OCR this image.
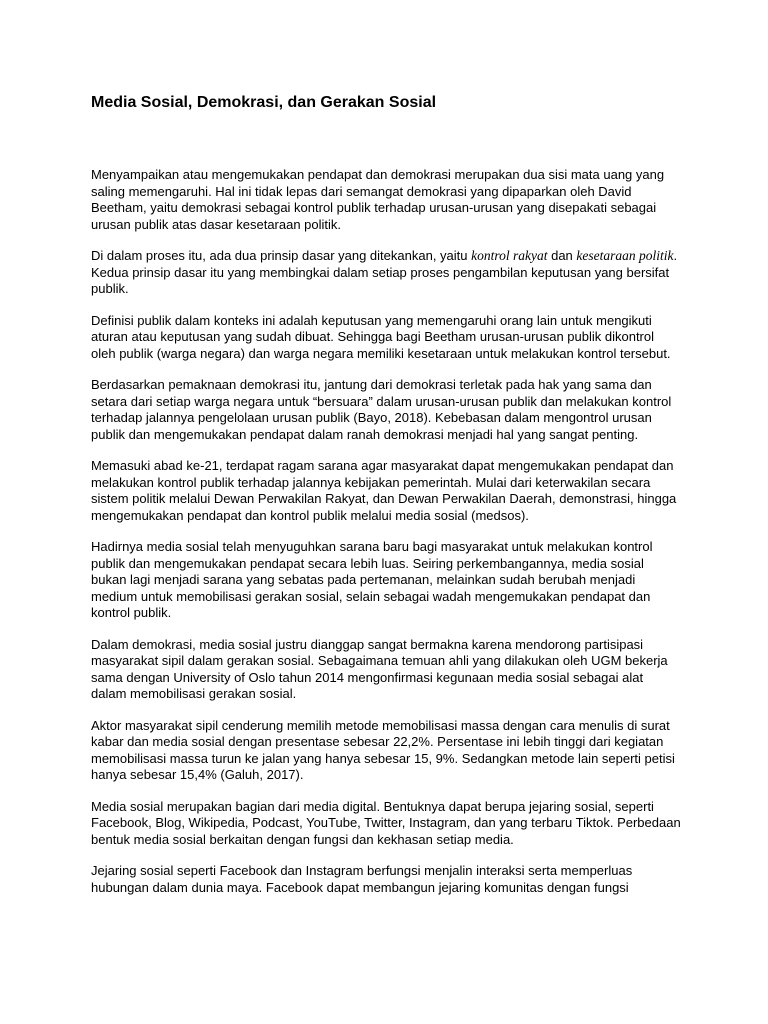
Media Sosial, Demokrasi, dan Gerakan Sosial

Menyampaikan atau mengemukakan pendapat dan demokrasi merupakan dua sisi mata uang yang saling memengaruhi. Hal ini tidak lepas dari semangat demokrasi yang dipaparkan oleh David Beetham, yaitu demokrasi sebagai kontrol publik terhadap urusan-urusan yang disepakati sebagai urusan publik atas dasar kesetaraan politik.

Di dalam proses itu, ada dua prinsip dasar yang ditekankan, yaitu kontrol rakyat dan kesetaraan politik. Kedua prinsip dasar itu yang membingkai dalam setiap proses pengambilan keputusan yang bersifat publik.

Definisi publik dalam konteks ini adalah keputusan yang memengaruhi orang lain untuk mengikuti aturan atau keputusan yang sudah dibuat. Sehingga bagi Beetham urusan-urusan publik dikontrol oleh publik (warga negara) dan warga negara memiliki kesetaraan untuk melakukan kontrol tersebut.

Berdasarkan pemaknaan demokrasi itu, jantung dari demokrasi terletak pada hak yang sama dan setara dari setiap warga negara untuk “bersuara” dalam urusan-urusan publik dan melakukan kontrol terhadap jalannya pengelolaan urusan publik (Bayo, 2018). Kebebasan dalam mengontrol urusan publik dan mengemukakan pendapat dalam ranah demokrasi menjadi hal yang sangat penting.

Memasuki abad ke-21, terdapat ragam sarana agar masyarakat dapat mengemukakan pendapat dan melakukan kontrol publik terhadap jalannya kebijakan pemerintah. Mulai dari keterwakilan secara sistem politik melalui Dewan Perwakilan Rakyat, dan Dewan Perwakilan Daerah, demonstrasi, hingga mengemukakan pendapat dan kontrol publik melalui media sosial (medsos).

Hadirnya media sosial telah menyuguhkan sarana baru bagi masyarakat untuk melakukan kontrol publik dan mengemukakan pendapat secara lebih luas. Seiring perkembangannya, media sosial bukan lagi menjadi sarana yang sebatas pada pertemanan, melainkan sudah berubah menjadi medium untuk memobilisasi gerakan sosial, selain sebagai wadah mengemukakan pendapat dan kontrol publik.

Dalam demokrasi, media sosial justru dianggap sangat bermakna karena mendorong partisipasi masyarakat sipil dalam gerakan sosial. Sebagaimana temuan ahli yang dilakukan oleh UGM bekerja sama dengan University of Oslo tahun 2014 mengonfirmasi kegunaan media sosial sebagai alat dalam memobilisasi gerakan sosial.

Aktor masyarakat sipil cenderung memilih metode memobilisasi massa dengan cara menulis di surat kabar dan media sosial dengan presentase sebesar 22,2%. Persentase ini lebih tinggi dari kegiatan memobilisasi massa turun ke jalan yang hanya sebesar 15, 9%. Sedangkan metode lain seperti petisi hanya sebesar 15,4% (Galuh, 2017).

Media sosial merupakan bagian dari media digital. Bentuknya dapat berupa jejaring sosial, seperti Facebook, Blog, Wikipedia, Podcast, YouTube, Twitter, Instagram, dan yang terbaru Tiktok. Perbedaan bentuk media sosial berkaitan dengan fungsi dan kekhasan setiap media.

Jejaring sosial seperti Facebook dan Instagram berfungsi menjalin interaksi serta memperluas hubungan dalam dunia maya. Facebook dapat membangun jejaring komunitas dengan fungsi
